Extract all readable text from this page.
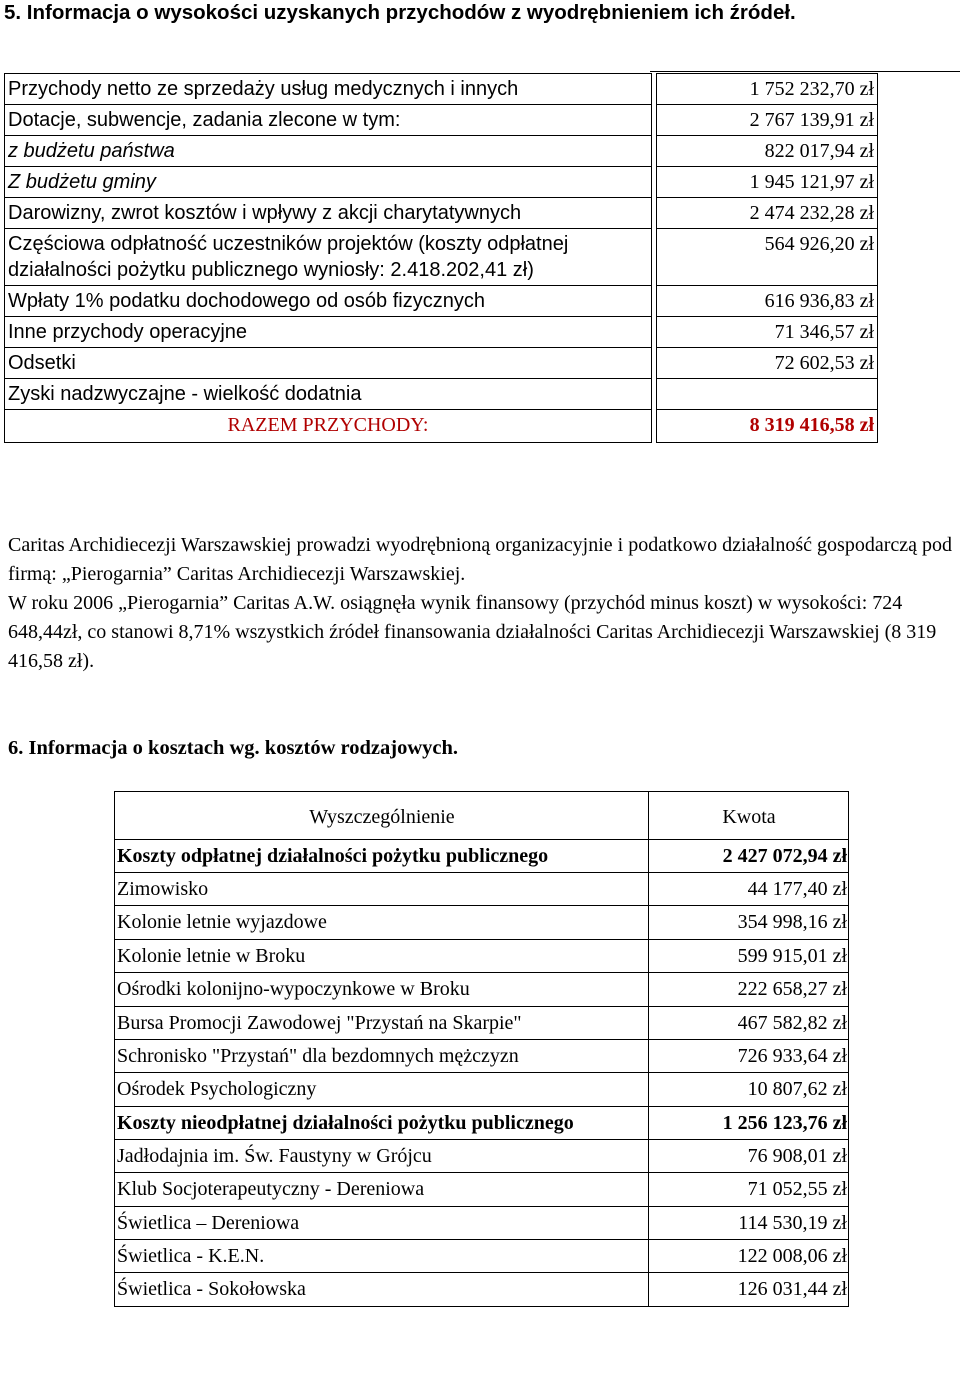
5. Informacja o wysokości uzyskanych przychodów z wyodrębnieniem ich źródeł.
Przychody netto ze sprzedaży usług medycznych i innych		1 752 232,70 zł
Dotacje, subwencje, zadania zlecone w tym:		2 767 139,91 zł
z budżetu państwa		822 017,94 zł
Z budżetu gminy		1 945 121,97 zł
Darowizny, zwrot kosztów i wpływy z akcji charytatywnych		2 474 232,28 zł
Częściowa odpłatność uczestników projektów (koszty odpłatnej działalności pożytku publicznego wyniosły: 2.418.202,41 zł)		564 926,20 zł
Wpłaty 1% podatku dochodowego od osób fizycznych		616 936,83 zł
Inne przychody operacyjne		71 346,57 zł
Odsetki		72 602,53 zł
Zyski nadzwyczajne - wielkość dodatnia		
RAZEM PRZYCHODY:		8 319 416,58 zł

Caritas Archidiecezji Warszawskiej prowadzi wyodrębnioną organizacyjnie i podatkowo działalność gospodarczą pod firmą: „Pierogarnia” Caritas Archidiecezji Warszawskiej.

W roku 2006 „Pierogarnia” Caritas A.W. osiągnęła wynik finansowy (przychód minus koszt) w wysokości: 724 648,44zł, co stanowi 8,71% wszystkich źródeł finansowania działalności Caritas Archidiecezji Warszawskiej (8 319 416,58 zł).

6. Informacja o kosztach wg. kosztów rodzajowych.
Wyszczególnienie	Kwota
Koszty odpłatnej działalności pożytku publicznego	2 427 072,94 zł
Zimowisko	44 177,40 zł
Kolonie letnie wyjazdowe	354 998,16 zł
Kolonie letnie w Broku	599 915,01 zł
Ośrodki kolonijno-wypoczynkowe w Broku	222 658,27 zł
Bursa Promocji Zawodowej "Przystań na Skarpie"	467 582,82 zł
Schronisko "Przystań" dla bezdomnych mężczyzn	726 933,64 zł
Ośrodek Psychologiczny	10 807,62 zł
Koszty nieodpłatnej działalności pożytku publicznego	1 256 123,76 zł
Jadłodajnia im. Św. Faustyny w Grójcu	76 908,01 zł
Klub Socjoterapeutyczny - Dereniowa	71 052,55 zł
Świetlica – Dereniowa	114 530,19 zł
Świetlica - K.E.N.	122 008,06 zł
Świetlica - Sokołowska	126 031,44 zł
